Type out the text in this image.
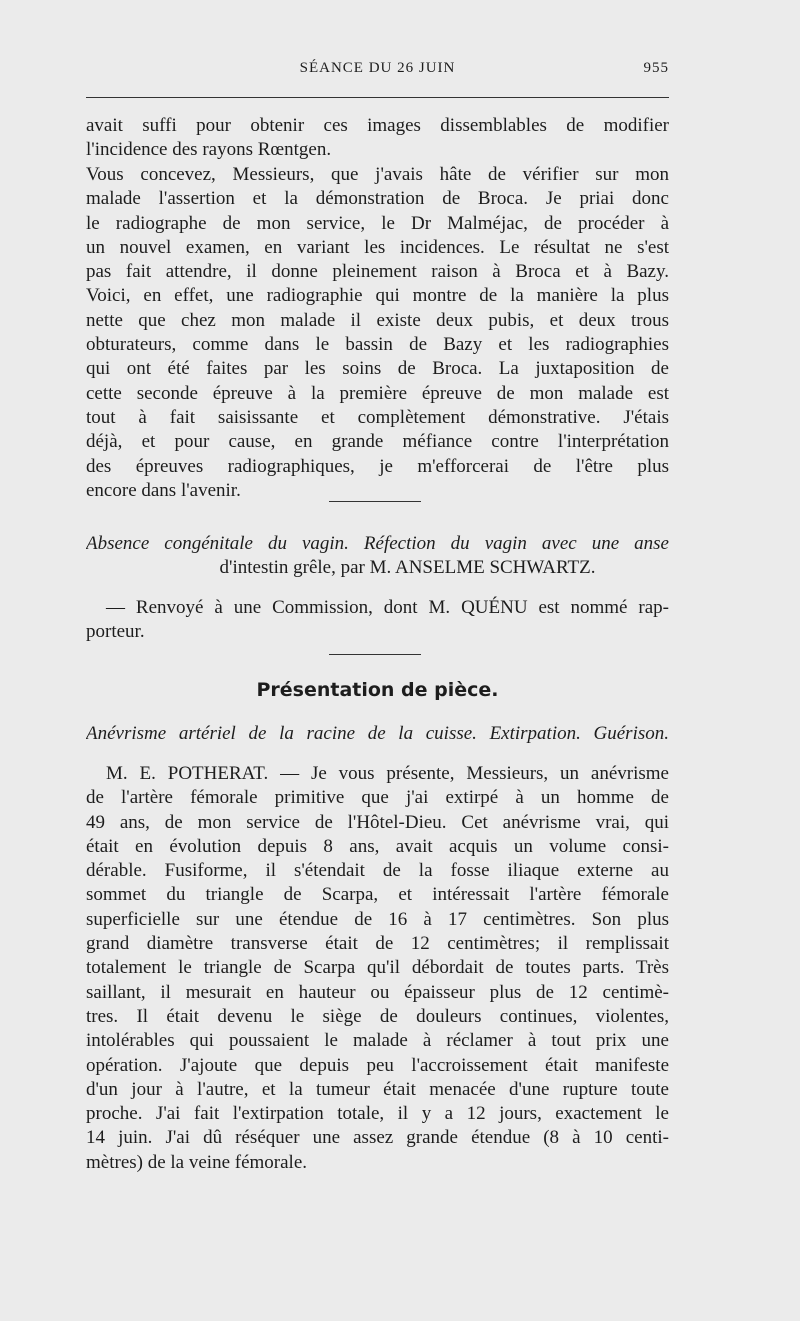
SÉANCE DU 26 JUIN	955
avait suffi pour obtenir ces images dissemblables de modifier
l'incidence des rayons Rœntgen.
Vous concevez, Messieurs, que j'avais hâte de vérifier sur mon
malade l'assertion et la démonstration de Broca. Je priai donc
le radiographe de mon service, le Dr Malméjac, de procéder à
un nouvel examen, en variant les incidences. Le résultat ne s'est
pas fait attendre, il donne pleinement raison à Broca et à Bazy.
Voici, en effet, une radiographie qui montre de la manière la plus
nette que chez mon malade il existe deux pubis, et deux trous
obturateurs, comme dans le bassin de Bazy et les radiographies
qui ont été faites par les soins de Broca. La juxtaposition de
cette seconde épreuve à la première épreuve de mon malade est
tout à fait saisissante et complètement démonstrative. J'étais
déjà, et pour cause, en grande méfiance contre l'interprétation
des épreuves radiographiques, je m'efforcerai de l'être plus
encore dans l'avenir.
Absence congénitale du vagin. Réfection du vagin avec une anse
d'intestin grêle, par M. ANSELME SCHWARTZ.
— Renvoyé à une Commission, dont M. QUÉNU est nommé rap-
porteur.
Présentation de pièce.
Anévrisme artériel de la racine de la cuisse. Extirpation. Guérison.
M. E. POTHERAT. — Je vous présente, Messieurs, un anévrisme
de l'artère fémorale primitive que j'ai extirpé à un homme de
49 ans, de mon service de l'Hôtel-Dieu. Cet anévrisme vrai, qui
était en évolution depuis 8 ans, avait acquis un volume consi-
dérable. Fusiforme, il s'étendait de la fosse iliaque externe au
sommet du triangle de Scarpa, et intéressait l'artère fémorale
superficielle sur une étendue de 16 à 17 centimètres. Son plus
grand diamètre transverse était de 12 centimètres; il remplissait
totalement le triangle de Scarpa qu'il débordait de toutes parts. Très
saillant, il mesurait en hauteur ou épaisseur plus de 12 centimè-
tres. Il était devenu le siège de douleurs continues, violentes,
intolérables qui poussaient le malade à réclamer à tout prix une
opération. J'ajoute que depuis peu l'accroissement était manifeste
d'un jour à l'autre, et la tumeur était menacée d'une rupture toute
proche. J'ai fait l'extirpation totale, il y a 12 jours, exactement le
14 juin. J'ai dû réséquer une assez grande étendue (8 à 10 centi-
mètres) de la veine fémorale.
